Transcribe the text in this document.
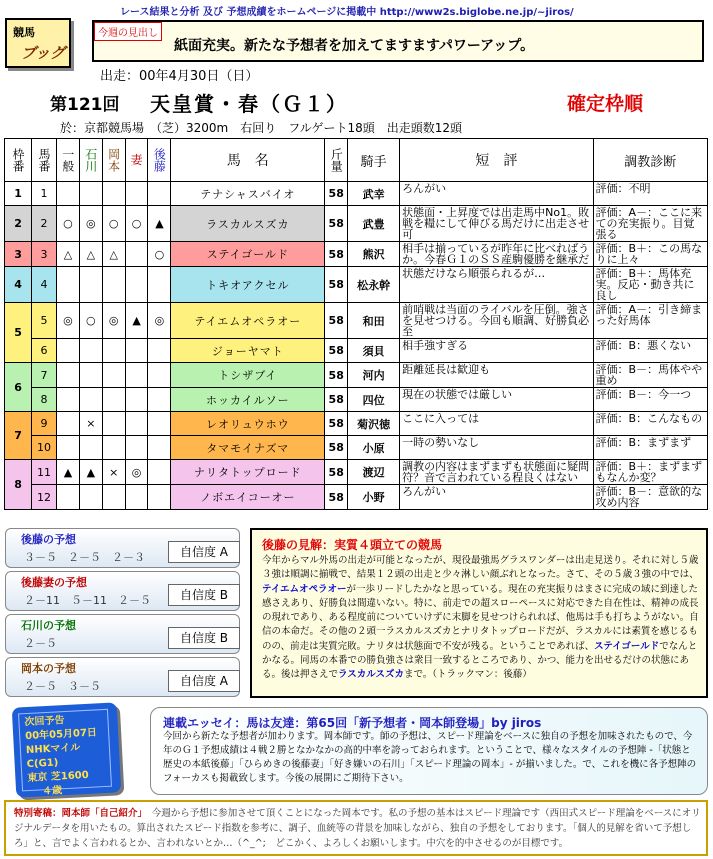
レース結果と分析 及び 予想成績をホームページに掲載中 http://www2s.biglobe.ne.jp/~jiros/
競馬
ブッグ
今週の見出し
紙面充実。新たな予想者を加えてますますパワーアップ。
出走：00年4月30日（日）
第121回 天皇賞・春（Ｇ１）	確定枠順
於：京都競馬場　（芝）3200m　右回り　フルゲート18頭　出走頭数12頭
枠番	馬番	一般	石川	岡本	妻	後藤	馬　名	斤量	騎手	短　評	調教診断
1	1						テナシャスバイオ	58	武幸	ろんがい	評価：不明
2	2	○	◎	○	○	▲	ラスカルスズカ	58	武豊	状態面・上昇度では出走馬中No1。敗戦を糧にして伸びる馬だけに出走させ可	評価：A－：ここに来ての充実振り。目覚張る
3	3	△	△	△		○	ステイゴールド	58	熊沢	相手は揃っているが昨年に比べればう か。今春Ｇ１のＳＳ産駒優勝を継承だ	評価：B＋：この馬なりに上々
4	4						トキオアクセル	58	松永幹	状態だけなら順張られるが…	評価：B＋：馬体充実。反応・動き共に良し
5	5	◎	○	◎	▲	◎	テイエムオペラオー	58	和田	前哨戦は当面のライバルを圧倒。強さを見せつける。今回も順調、好勝負必至	評価：A－：引き締まった好馬体
	6						ジョーヤマト	58	須貝	相手強すぎる	評価：B：悪くない
6	7						トシザブイ	58	河内	距離延長は歓迎も	評価：B－：馬体やや重め
	8						ホッカイルソー	58	四位	現在の状態では厳しい	評価：B－：今一つ
7	9		×				レオリュウホウ	58	菊沢徳	ここに入っては	評価：B：こんなもの
	10						タマモイナズマ	58	小原	一時の勢いなし	評価：B：まずまず
8	11	▲	▲	×	◎		ナリタトップロード	58	渡辺	調教の内容はまずまずも状態面に疑問符？音で言われている程良くはない	評価：B＋：まずまずもなんか変？
	12						ノボエイコーオー	58	小野	ろんがい	評価：B－：意欲的な攻め内容
後藤の予想
３－５　２－５　２－３	自信度 A
後藤妻の予想
２－11　５－11　２－５	自信度 B
石川の予想
２－５	自信度 B
岡本の予想
２－５　３－５	自信度 A
後藤の見解：実質４頭立ての競馬
今年からマル外馬の出走が可能となったが、現役最強馬グラスワンダーは出走見送り。それに対し５歳３強は順調に揃戦で、結果１２頭の出走と少々淋しい顔ぶれとなった。さて、その５歳３強の中では、テイエムオペラオーが一歩リードしたかなと思っている。現在の充実振りはまさに完成の域に到達した感さえあり、好勝負は間違いない。特に、前走での超スローペースに対応できた自在性は、精神の成長の現れであり、ある程度前についていけずに末脚を見せつけられれば、他馬は手も打ちようがない。自信の本命だ。その他の２頭一ラスカルスズカとナリタトップロードだが、ラスカルには素質を感じるものの、前走は実質完敗。ナリタは状態面で不安が残る。ということであれば、ステイゴールドでなんとかなる。同馬の本番での勝負強さは衆目一致するところであり、かつ、能力を出せるだけの状態にある。後は押さえでラスカルスズカまで。（トラックマン：後藤）
次回予告
00年05月07日
NHKマイルC(G1)
東京 芝1600
４歳
連載エッセイ：馬は友達：第65回「新予想者・岡本師登場」by jiros
今回から新たな予想者が加わります。岡本師です。師の予想は、スピード理論をベースに独自の予想を加味されたもので、今年のＧ１予想成績は４戦２勝となかなかの高的中率を誇っておられます。ということで、様々なスタイルの予想陣 -「状態と歴史の本紙後藤」「ひらめきの後藤妻」「好き嫌いの石川」「スピード理論の岡本」- が揃いました。で、これを機に各予想陣のフォーカスも掲載致します。今後の展開にご期待下さい。
特別寄稿：岡本師「自己紹介」　 今週から予想に参加させて頂くことになった岡本です。私の予想の基本はスピード理論です（西田式スピード理論をベースにオリジナルデータを用いたもの。算出されたスピード指数を参考に、調子、血統等の背景を加味しながら、独自の予想をしております。「個人的見解を省いて予想しろ」と、言でよく言われるとか、言われないとか…（^_^;　どこかく、よろしくお願いします。中穴を的中させるのが目標です。
